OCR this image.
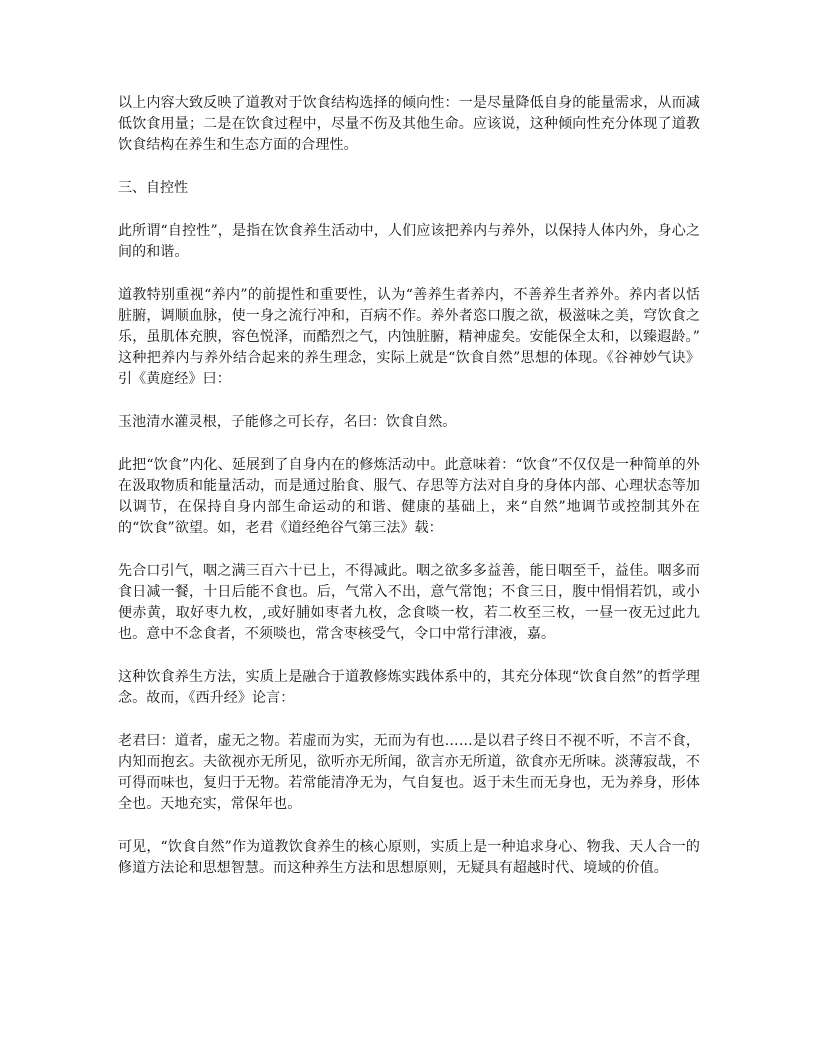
以上内容大致反映了道教对于饮食结构选择的倾向性：一是尽量降低自身的能量需求，从而减低饮食用量；二是在饮食过程中，尽量不伤及其他生命。应该说，这种倾向性充分体现了道教饮食结构在养生和生态方面的合理性。

三、自控性

此所谓“自控性”，是指在饮食养生活动中，人们应该把养内与养外，以保持人体内外，身心之间的和谐。

道教特别重视“养内”的前提性和重要性，认为“善养生者养内，不善养生者养外。养内者以恬脏腑，调顺血脉，使一身之流行冲和，百病不作。养外者恣口腹之欲，极滋味之美，穹饮食之乐，虽肌体充腴，容色悦泽，而酷烈之气，内蚀脏腑，精神虚矣。安能保全太和，以臻遐龄。” 这种把养内与养外结合起来的养生理念，实际上就是“饮食自然”思想的体现。《谷神妙气诀》引《黄庭经》曰：

玉池清水灌灵根，子能修之可长存，名曰：饮食自然。

此把“饮食”内化、延展到了自身内在的修炼活动中。此意味着：“饮食”不仅仅是一种简单的外在汲取物质和能量活动，而是通过胎食、服气、存思等方法对自身的身体内部、心理状态等加以调节，在保持自身内部生命运动的和谐、健康的基础上，来“自然”地调节或控制其外在的“饮食”欲望。如，老君《道经绝谷气第三法》载：

先合口引气，咽之满三百六十已上，不得减此。咽之欲多多益善，能日咽至千，益佳。咽多而食日减一餐，十日后能不食也。后，气常入不出，意气常饱；不食三日，腹中悁悁若饥，或小便赤黄，取好枣九枚，,或好脯如枣者九枚，念食啖一枚，若二枚至三枚，一昼一夜无过此九也。意中不念食者，不须啖也，常含枣核受气，令口中常行津液，嘉。

这种饮食养生方法，实质上是融合于道教修炼实践体系中的，其充分体现“饮食自然”的哲学理念。故而，《西升经》论言：

老君曰：道者，虚无之物。若虚而为实，无而为有也……是以君子终日不视不听，不言不食，内知而抱玄。夫欲视亦无所见，欲听亦无所闻，欲言亦无所道，欲食亦无所味。淡薄寂哉，不可得而味也，复归于无物。若常能清净无为，气自复也。返于未生而无身也，无为养身，形体全也。天地充实，常保年也。

可见，“饮食自然”作为道教饮食养生的核心原则，实质上是一种追求身心、物我、天人合一的修道方法论和思想智慧。而这种养生方法和思想原则，无疑具有超越时代、境域的价值。
